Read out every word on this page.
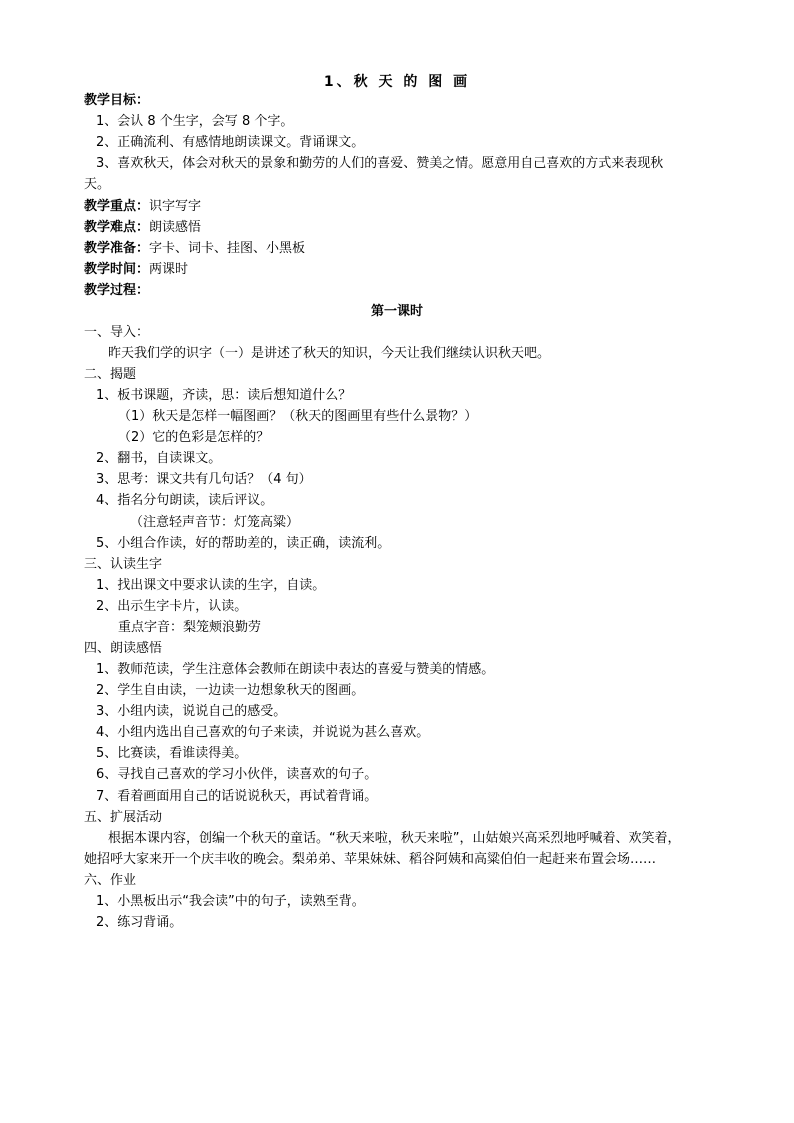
1、秋 天 的 图 画
教学目标：
1、会认 8 个生字，会写 8 个字。
2、正确流利、有感情地朗读课文。背诵课文。
3、喜欢秋天，体会对秋天的景象和勤劳的人们的喜爱、赞美之情。愿意用自己喜欢的方式来表现秋
天。
教学重点：识字写字
教学难点：朗读感悟
教学准备：字卡、词卡、挂图、小黑板
教学时间：两课时
教学过程：
第一课时
一、导入：
昨天我们学的识字（一）是讲述了秋天的知识，今天让我们继续认识秋天吧。
二、揭题
1、板书课题，齐读，思：读后想知道什么？
（1）秋天是怎样一幅图画？（秋天的图画里有些什么景物？）
（2）它的色彩是怎样的？
2、翻书，自读课文。
3、思考：课文共有几句话？（4 句）
4、指名分句朗读，读后评议。
（注意轻声音节：灯笼高粱）
5、小组合作读，好的帮助差的，读正确，读流利。
三、认读生字
1、找出课文中要求认读的生字，自读。
2、出示生字卡片，认读。
重点字音：梨笼颊浪勤劳
四、朗读感悟
1、教师范读，学生注意体会教师在朗读中表达的喜爱与赞美的情感。
2、学生自由读，一边读一边想象秋天的图画。
3、小组内读，说说自己的感受。
4、小组内选出自己喜欢的句子来读，并说说为甚么喜欢。
5、比赛读，看谁读得美。
6、寻找自己喜欢的学习小伙伴，读喜欢的句子。
7、看着画面用自己的话说说秋天，再试着背诵。
五、扩展活动
根据本课内容，创编一个秋天的童话。“秋天来啦，秋天来啦”，山姑娘兴高采烈地呼喊着、欢笑着，
她招呼大家来开一个庆丰收的晚会。梨弟弟、苹果妹妹、稻谷阿姨和高粱伯伯一起赶来布置会场……
六、作业
1、小黑板出示“我会读”中的句子，读熟至背。
2、练习背诵。
